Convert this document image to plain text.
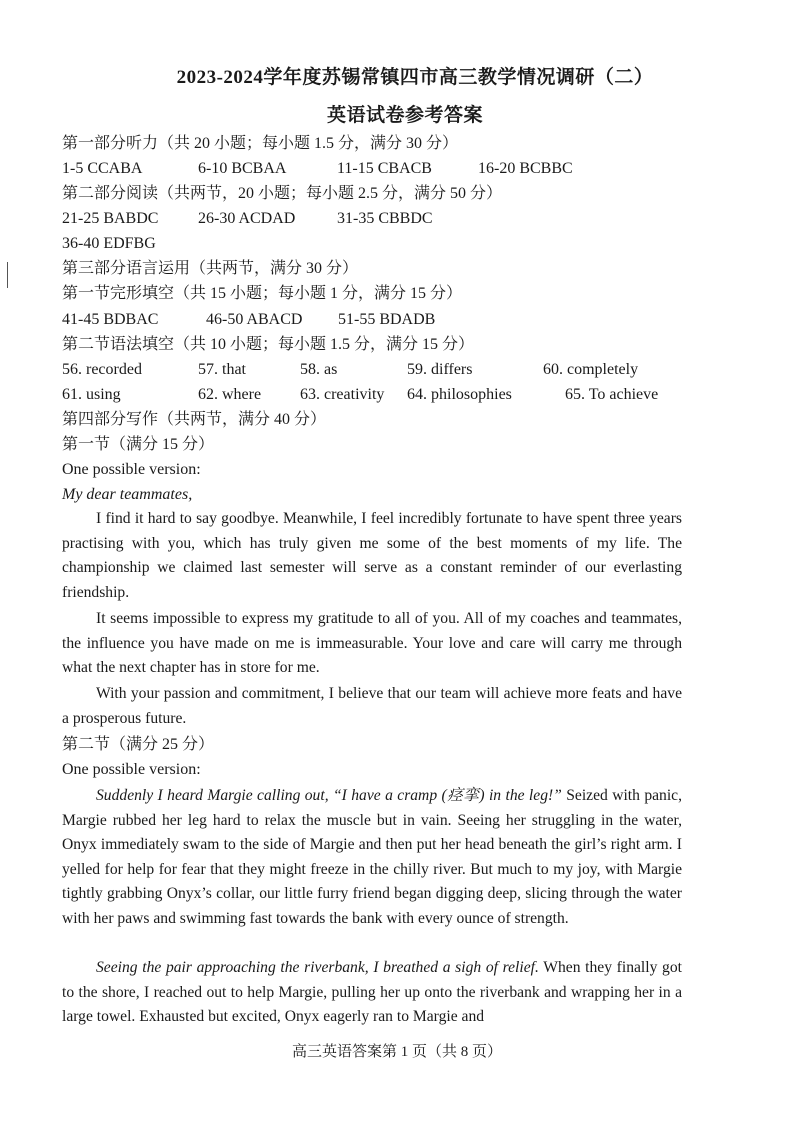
2023-2024学年度苏锡常镇四市高三教学情况调研（二）
英语试卷参考答案
第一部分听力（共 20 小题；每小题 1.5 分，满分 30 分）
1-5 CCABA	6-10 BCBAA	11-15 CBACB	16-20 BCBBC
第二部分阅读（共两节，20 小题；每小题 2.5 分，满分 50 分）
21-25 BABDC 26-30 ACDAD	31-35 CBBDC
36-40 EDFBG
第三部分语言运用（共两节，满分 30 分）
第一节完形填空（共 15 小题；每小题 1 分，满分 15 分）
41-45 BDBAC	46-50 ABACD 51-55 BDADB
第二节语法填空（共 10 小题；每小题 1.5 分，满分 15 分）
56. recorded	57. that	58. as	59. differs	60. completely
61. using	62. where 63. creativity 64. philosophies	65. To achieve
第四部分写作（共两节，满分 40 分）
第一节（满分 15 分）
One possible version:
My dear teammates,
I find it hard to say goodbye. Meanwhile, I feel incredibly fortunate to have spent three years practising with you, which has truly given me some of the best moments of my life. The championship we claimed last semester will serve as a constant reminder of our everlasting friendship.
It seems impossible to express my gratitude to all of you. All of my coaches and teammates, the influence you have made on me is immeasurable. Your love and care will carry me through what the next chapter has in store for me.
With your passion and commitment, I believe that our team will achieve more feats and have a prosperous future.
第二节（满分 25 分）
One possible version:
Suddenly I heard Margie calling out, “I have a cramp (痉挛) in the leg!” Seized with panic, Margie rubbed her leg hard to relax the muscle but in vain. Seeing her struggling in the water, Onyx immediately swam to the side of Margie and then put her head beneath the girl’s right arm. I yelled for help for fear that they might freeze in the chilly river. But much to my joy, with Margie tightly grabbing Onyx’s collar, our little furry friend began digging deep, slicing through the water with her paws and swimming fast towards the bank with every ounce of strength.
Seeing the pair approaching the riverbank, I breathed a sigh of relief. When they finally got to the shore, I reached out to help Margie, pulling her up onto the riverbank and wrapping her in a large towel. Exhausted but excited, Onyx eagerly ran to Margie and
高三英语答案第 1 页（共 8 页）
